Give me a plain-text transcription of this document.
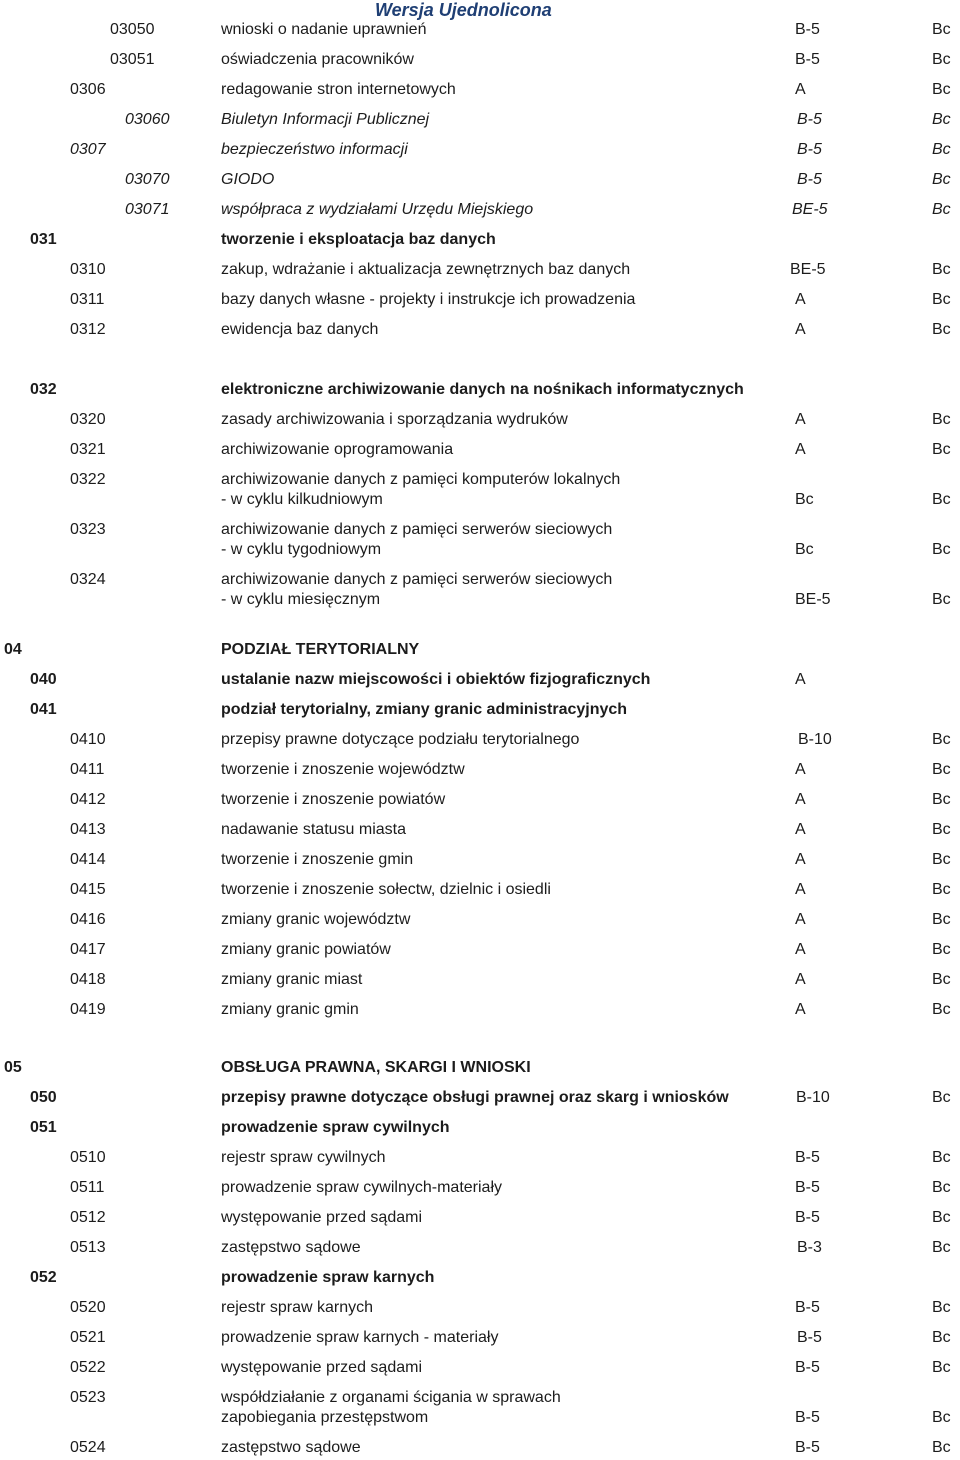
Wersja Ujednolicona
03050	wnioski o nadanie uprawnień	B-5	Bc
03051	oświadczenia pracowników	B-5	Bc
0306	redagowanie stron internetowych	A	Bc
03060	Biuletyn Informacji Publicznej	B-5	Bc
0307	bezpieczeństwo informacji	B-5	Bc
03070	GIODO	B-5	Bc
03071	współpraca z wydziałami Urzędu Miejskiego	BE-5	Bc
031	tworzenie i eksploatacja baz danych
0310	zakup, wdrażanie i aktualizacja zewnętrznych baz danych	BE-5	Bc
0311	bazy danych własne - projekty i instrukcje ich prowadzenia	A	Bc
0312	ewidencja baz danych	A	Bc
032	elektroniczne archiwizowanie danych na nośnikach informatycznych
0320	zasady archiwizowania i sporządzania wydruków	A	Bc
0321	archiwizowanie oprogramowania	A	Bc
0322	archiwizowanie danych z pamięci komputerów lokalnych
- w cyklu kilkudniowym	Bc	Bc
0323	archiwizowanie danych z pamięci serwerów sieciowych
- w cyklu tygodniowym	Bc	Bc
0324	archiwizowanie danych z pamięci serwerów sieciowych
- w cyklu miesięcznym	BE-5	Bc
04	PODZIAŁ TERYTORIALNY
040	ustalanie nazw miejscowości i obiektów fizjograficznych	A
041	podział terytorialny, zmiany granic administracyjnych
0410	przepisy prawne dotyczące podziału terytorialnego	B-10	Bc
0411	tworzenie i znoszenie województw	A	Bc
0412	tworzenie i znoszenie powiatów	A	Bc
0413	nadawanie statusu miasta	A	Bc
0414	tworzenie i znoszenie gmin	A	Bc
0415	tworzenie i znoszenie sołectw, dzielnic i osiedli	A	Bc
0416	zmiany granic województw	A	Bc
0417	zmiany granic powiatów	A	Bc
0418	zmiany granic miast	A	Bc
0419	zmiany granic gmin	A	Bc
05	OBSŁUGA PRAWNA, SKARGI I WNIOSKI
050	przepisy prawne dotyczące obsługi prawnej oraz skarg i wniosków	B-10	Bc
051	prowadzenie spraw cywilnych
0510	rejestr spraw cywilnych	B-5	Bc
0511	prowadzenie spraw cywilnych-materiały	B-5	Bc
0512	występowanie przed sądami	B-5	Bc
0513	zastępstwo sądowe	B-3	Bc
052	prowadzenie spraw karnych
0520	rejestr spraw karnych	B-5	Bc
0521	prowadzenie spraw karnych - materiały	B-5	Bc
0522	występowanie przed sądami	B-5	Bc
0523	współdziałanie z organami ścigania w sprawach
zapobiegania przestępstwom	B-5	Bc
0524	zastępstwo sądowe	B-5	Bc
